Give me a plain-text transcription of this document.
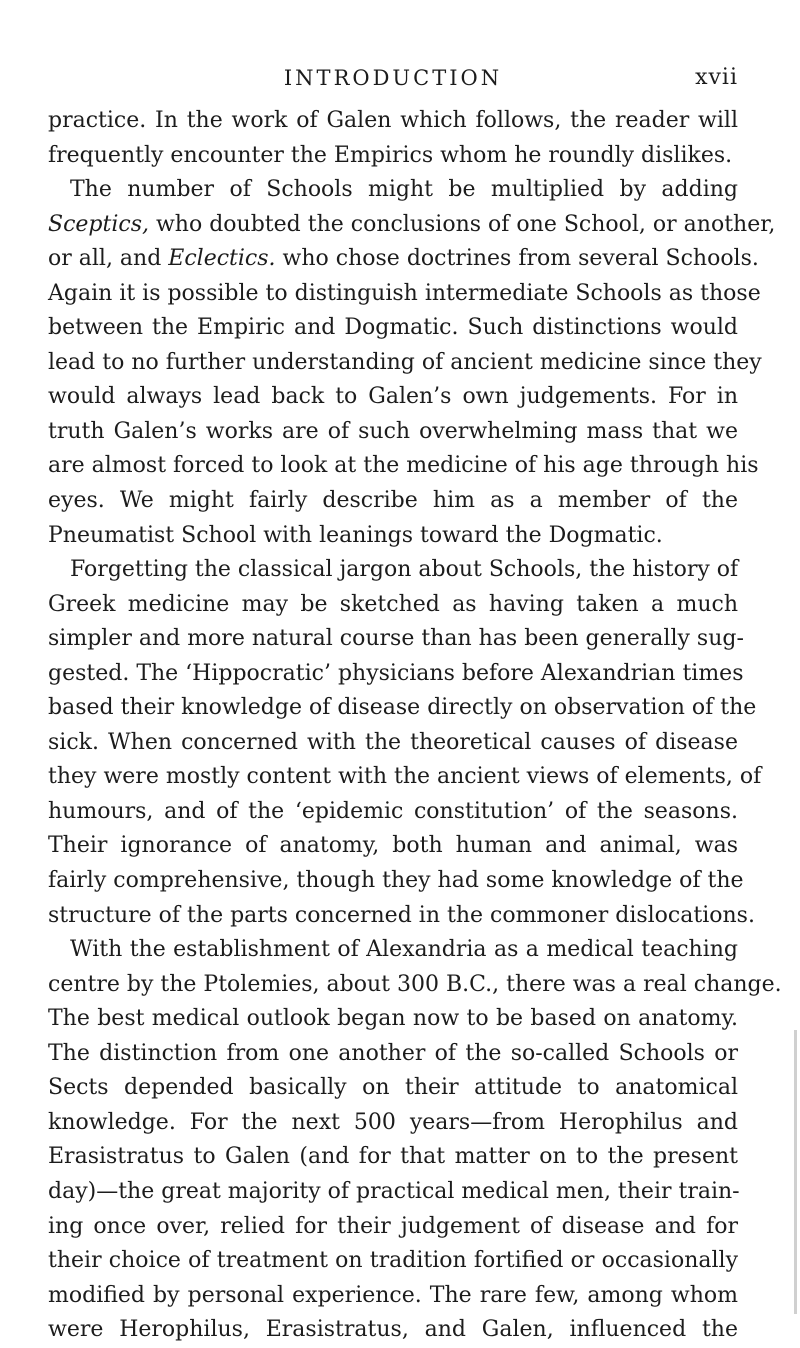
INTRODUCTION	xvii
practice. In the work of Galen which follows, the reader will
frequently encounter the Empirics whom he roundly dislikes.
The number of Schools might be multiplied by adding
Sceptics, who doubted the conclusions of one School, or another,
or all, and Eclectics. who chose doctrines from several Schools.
Again it is possible to distinguish intermediate Schools as those
between the Empiric and Dogmatic. Such distinctions would
lead to no further understanding of ancient medicine since they
would always lead back to Galen’s own judgements. For in
truth Galen’s works are of such overwhelming mass that we
are almost forced to look at the medicine of his age through his
eyes. We might fairly describe him as a member of the
Pneumatist School with leanings toward the Dogmatic.
Forgetting the classical jargon about Schools, the history of
Greek medicine may be sketched as having taken a much
simpler and more natural course than has been generally sug‑
gested. The ‘Hippocratic’ physicians before Alexandrian times
based their knowledge of disease directly on observation of the
sick. When concerned with the theoretical causes of disease
they were mostly content with the ancient views of elements, of
humours, and of the ‘epidemic constitution’ of the seasons.
Their ignorance of anatomy, both human and animal, was
fairly comprehensive, though they had some knowledge of the
structure of the parts concerned in the commoner dislocations.
With the establishment of Alexandria as a medical teaching
centre by the Ptolemies, about 300 B.C., there was a real change.
The best medical outlook began now to be based on anatomy.
The distinction from one another of the so‑called Schools or
Sects depended basically on their attitude to anatomical
knowledge. For the next 500 years—from Herophilus and
Erasistratus to Galen (and for that matter on to the present
day)—the great majority of practical medical men, their train‑
ing once over, relied for their judgement of disease and for
their choice of treatment on tradition fortified or occasionally
modified by personal experience. The rare few, among whom
were Herophilus, Erasistratus, and Galen, influenced the
